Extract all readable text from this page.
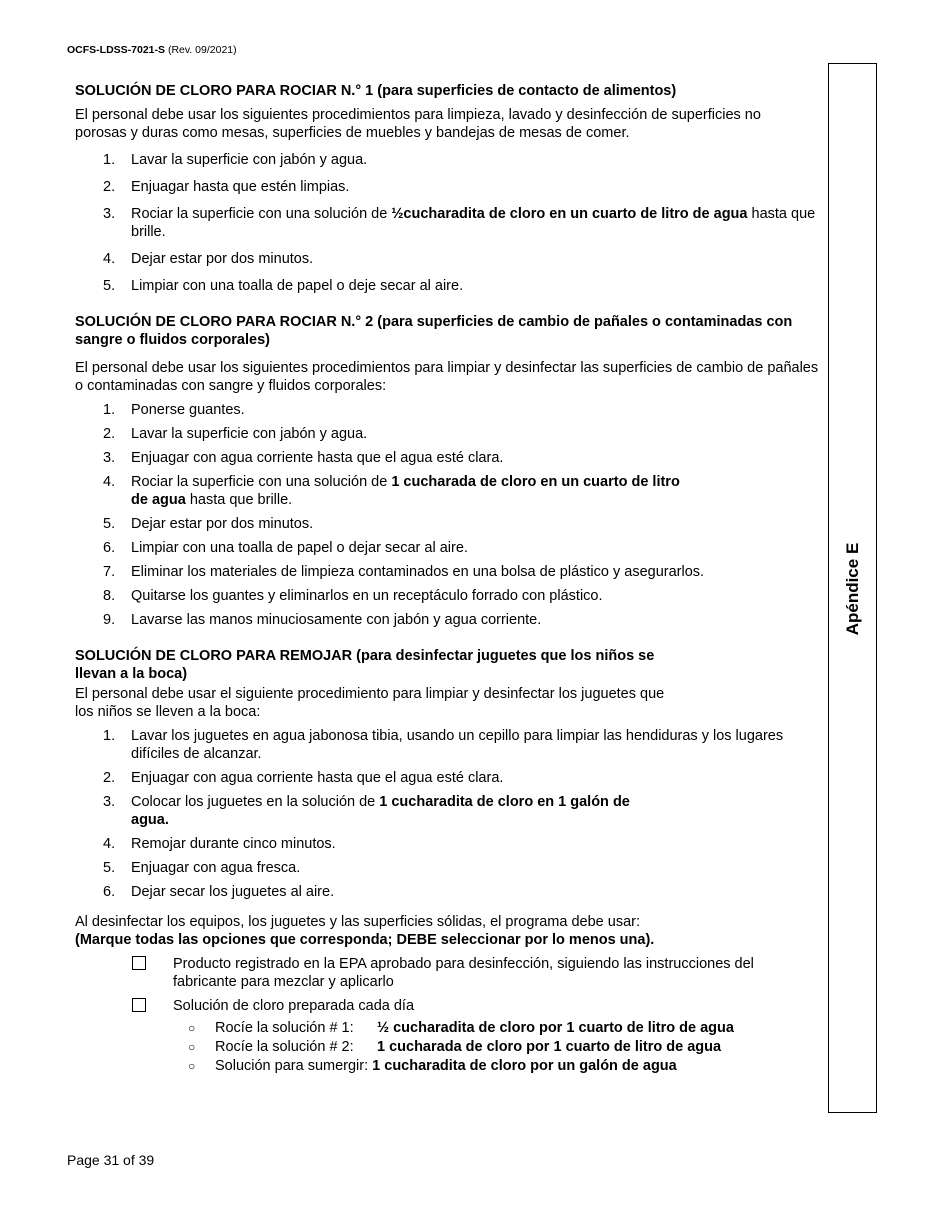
OCFS-LDSS-7021-S (Rev. 09/2021)
SOLUCIÓN DE CLORO PARA ROCIAR N.° 1 (para superficies de contacto de alimentos)

El personal debe usar los siguientes procedimientos para limpieza, lavado y desinfección de superficies no porosas y duras como mesas, superficies de muebles y bandejas de mesas de comer.

1. Lavar la superficie con jabón y agua.
2. Enjuagar hasta que estén limpias.
3. Rociar la superficie con una solución de ½cucharadita de cloro en un cuarto de litro de agua hasta que brille.
4. Dejar estar por dos minutos.
5. Limpiar con una toalla de papel o deje secar al aire.
SOLUCIÓN DE CLORO PARA ROCIAR N.° 2 (para superficies de cambio de pañales o contaminadas con sangre o fluidos corporales)

El personal debe usar los siguientes procedimientos para limpiar y desinfectar las superficies de cambio de pañales o contaminadas con sangre y fluidos corporales:

1. Ponerse guantes.
2. Lavar la superficie con jabón y agua.
3. Enjuagar con agua corriente hasta que el agua esté clara.
4. Rociar la superficie con una solución de 1 cucharada de cloro en un cuarto de litro de agua hasta que brille.
5. Dejar estar por dos minutos.
6. Limpiar con una toalla de papel o dejar secar al aire.
7. Eliminar los materiales de limpieza contaminados en una bolsa de plástico y asegurarlos.
8. Quitarse los guantes y eliminarlos en un receptáculo forrado con plástico.
9. Lavarse las manos minuciosamente con jabón y agua corriente.
SOLUCIÓN DE CLORO PARA REMOJAR (para desinfectar juguetes que los niños se llevan a la boca)

El personal debe usar el siguiente procedimiento para limpiar y desinfectar los juguetes que los niños se lleven a la boca:

1. Lavar los juguetes en agua jabonosa tibia, usando un cepillo para limpiar las hendiduras y los lugares difíciles de alcanzar.
2. Enjuagar con agua corriente hasta que el agua esté clara.
3. Colocar los juguetes en la solución de 1 cucharadita de cloro en 1 galón de agua.
4. Remojar durante cinco minutos.
5. Enjuagar con agua fresca.
6. Dejar secar los juguetes al aire.

Al desinfectar los equipos, los juguetes y las superficies sólidas, el programa debe usar:

(Marque todas las opciones que corresponda; DEBE seleccionar por lo menos una).

Producto registrado en la EPA aprobado para desinfección, siguiendo las instrucciones del fabricante para mezclar y aplicarlo
Solución de cloro preparada cada día
○ Rocíe la solución # 1: ½ cucharadita de cloro por 1 cuarto de litro de agua
○ Rocíe la solución # 2: 1 cucharada de cloro por 1 cuarto de litro de agua
○ Solución para sumergir: 1 cucharadita de cloro por un galón de agua
Apéndice E
Page 31 of 39
